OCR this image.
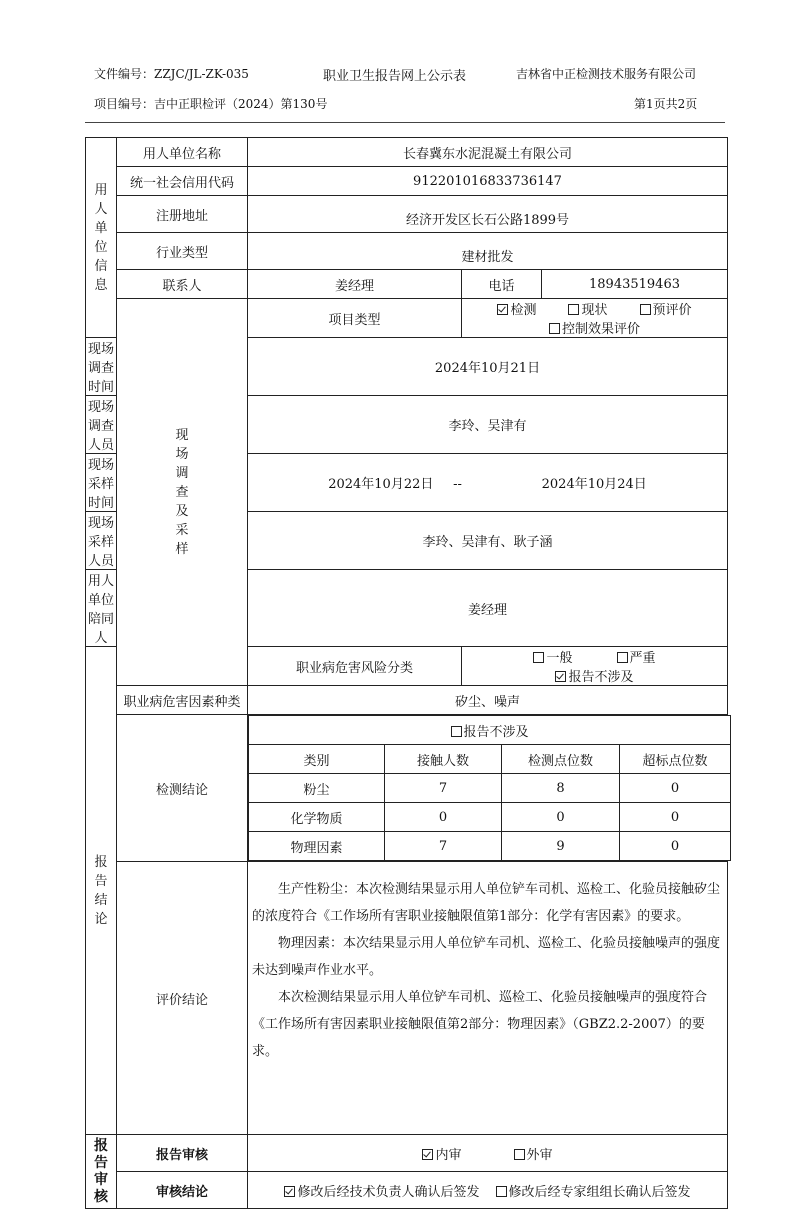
文件编号：ZZJC/JL-ZK-035	职业卫生报告网上公示表	吉林省中正检测技术服务有限公司
项目编号：吉中正职检评（2024）第130号	第1页共2页
用
人
单
位
信
息
	用人单位名称	长春冀东水泥混凝土有限公司
统一社会信用代码	912201016833736147
注册地址	经济开发区长石公路1899号
行业类型	建材批发
联系人	姜经理	电话	18943519463

现
场
调
查
及
采
样
	项目类型	检测	现状	预评价控制效果评价
现场调查时间	2024年10月21日
现场调查人员	李玲、吴津有
现场采样时间	2024年10月22日 --	2024年10月24日
现场采样人员	李玲、吴津有、耿子涵
用人单位陪同人	姜经理

报
告
结
论
	职业病危害风险分类	一般	严重报告不涉及
职业病危害因素种类	矽尘、噪声
检测结论	
报告不涉及
类别	接触人数	检测点位数	超标点位数
粉尘	7	8	0
化学物质	0	0	0
物理因素	7	9	0

评价结论	

生产性粉尘：本次检测结果显示用人单位铲车司机、巡检工、化验员接触矽尘的浓度符合《工作场所有害职业接触限值第1部分：化学有害因素》的要求。

物理因素：本次结果显示用人单位铲车司机、巡检工、化验员接触噪声的强度未达到噪声作业水平。

本次检测结果显示用人单位铲车司机、巡检工、化验员接触噪声的强度符合《工作场所有害因素职业接触限值第2部分：物理因素》（GBZ2.2-2007）的要求。

报
告
审
核
	报告审核	内审	外审
审核结论	修改后经技术负责人确认后签发 修改后经专家组组长确认后签发
